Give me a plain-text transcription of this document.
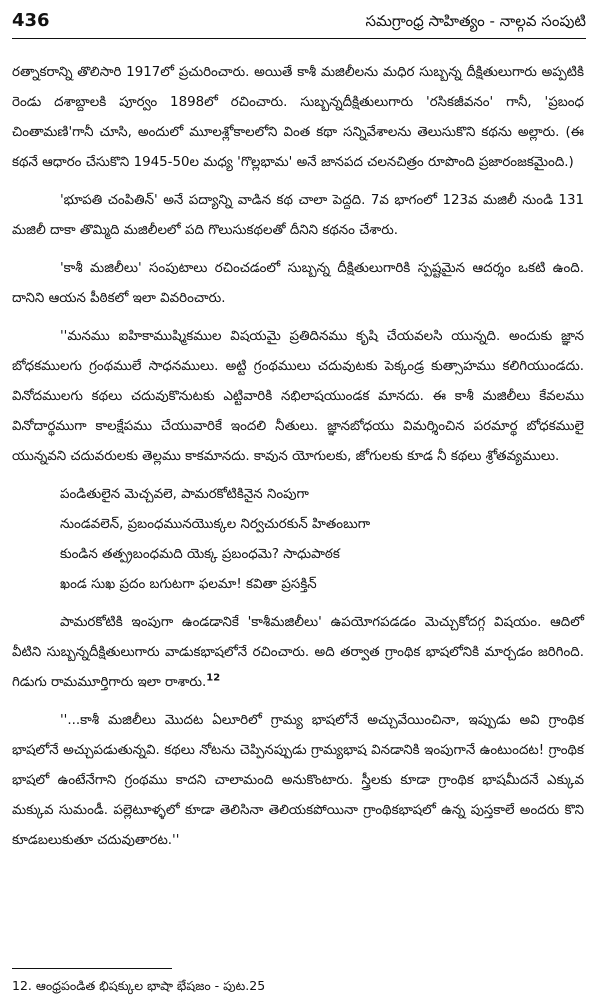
436	సమగ్రాంధ్ర సాహిత్యం - నాల్గవ సంపుటి

రత్నాకరాన్ని తొలిసారి 1917లో ప్రచురించారు. అయితే కాశీ మజిలీలను మధిర సుబ్బన్న దీక్షితులుగారు అప్పటికి రెండు దశాబ్దాలకి పూర్వం 1898లో రచించారు. సుబ్బన్నదీక్షితులుగారు 'రసికజీవనం' గానీ, 'ప్రబంధ చింతామణి'గానీ చూసి, అందులో మూలశ్లోకాలలోని వింత కథా సన్నివేశాలను తెలుసుకొని కథను అల్లారు. (ఈ కథనే ఆధారం చేసుకొని 1945-50ల మధ్య 'గొల్లభామ' అనే జానపద చలనచిత్రం రూపొంది ప్రజారంజకమైంది.)

'భూపతి చంపితిన్' అనే పద్యాన్ని వాడిన కథ చాలా పెద్దది. 7వ భాగంలో 123వ మజిలీ నుండి 131 మజిలీ దాకా తొమ్మిది మజిలీలలో పది గొలుసుకథలతో దీనిని కథనం చేశారు.

'కాశీ మజిలీలు' సంపుటాలు రచించడంలో సుబ్బన్న దీక్షితులుగారికి స్పష్టమైన ఆదర్శం ఒకటి ఉంది. దానిని ఆయన పీఠికలో ఇలా వివరించారు.

''మనము ఐహికాముష్మికముల విషయమై ప్రతిదినము కృషి చేయవలసి యున్నది. అందుకు జ్ఞాన బోధకములగు గ్రంథములే సాధనములు. అట్టి గ్రంథములు చదువుటకు పెక్కండ్ర కుత్సాహము కలిగియుండదు. వినోదములగు కథలు చదువుకొనుటకు ఎట్టివారికి నభిలాషయుండక మానదు. ఈ కాశీ మజిలీలు కేవలము వినోదార్థముగా కాలక్షేపము చేయువారికే ఇందలి నీతులు. జ్ఞానబోధయు విమర్శించిన పరమార్థ బోధకములై యున్నవని చదువరులకు తెల్లము కాకమానదు. కావున యోగులకు, జోగులకు కూడ నీ కథలు శ్రోతవ్యములు.

పండితులైన మెచ్చవలె, పామరకోటికినైన నింపుగా
నుండవలెన్, ప్రబంధమునయొక్కల నిర్వచురకున్ హితంబుగా
కుండిన తత్ప్రబంధమది యెక్క ప్రబంధమె? సాధుపాఠక
ఖండ సుఖ ప్రదం బగుటగా ఫలమా! కవితా ప్రసక్తిన్

పామరకోటికి ఇంపుగా ఉండడానికే 'కాశీమజిలీలు' ఉపయోగపడడం మెచ్చుకోదగ్గ విషయం. ఆదిలో వీటిని సుబ్బన్నదీక్షితులుగారు వాడుకభాషలోనే రచించారు. అది తర్వాత గ్రాంథిక భాషలోనికి మార్చడం జరిగింది. గిడుగు రామమూర్తిగారు ఇలా రాశారు.$^{12}$

''...కాశీ మజిలీలు మొదట ఏలూరిలో గ్రామ్య భాషలోనే అచ్చువేయించినా, ఇప్పుడు అవి గ్రాంథిక భాషలోనే అచ్చుపడుతున్నవి. కథలు నోటను చెప్పినప్పుడు గ్రామ్యభాష వినడానికి ఇంపుగానే ఉంటుందట! గ్రాంథిక భాషలో ఉంటేనేగాని గ్రంథము కాదని చాలామంది అనుకొంటారు. స్త్రీలకు కూడా గ్రాంథిక భాషమీదనే ఎక్కువ మక్కువ సుమండీ. పల్లెటూళ్ళలో కూడా తెలిసినా తెలియకపోయినా గ్రాంథికభాషలో ఉన్న పుస్తకాలే అందరు కొని కూడబలుకుతూ చదువుతారట.''

12. ఆంధ్రపండిత భిషక్కుల భాషా భేషజం - పుట.25
